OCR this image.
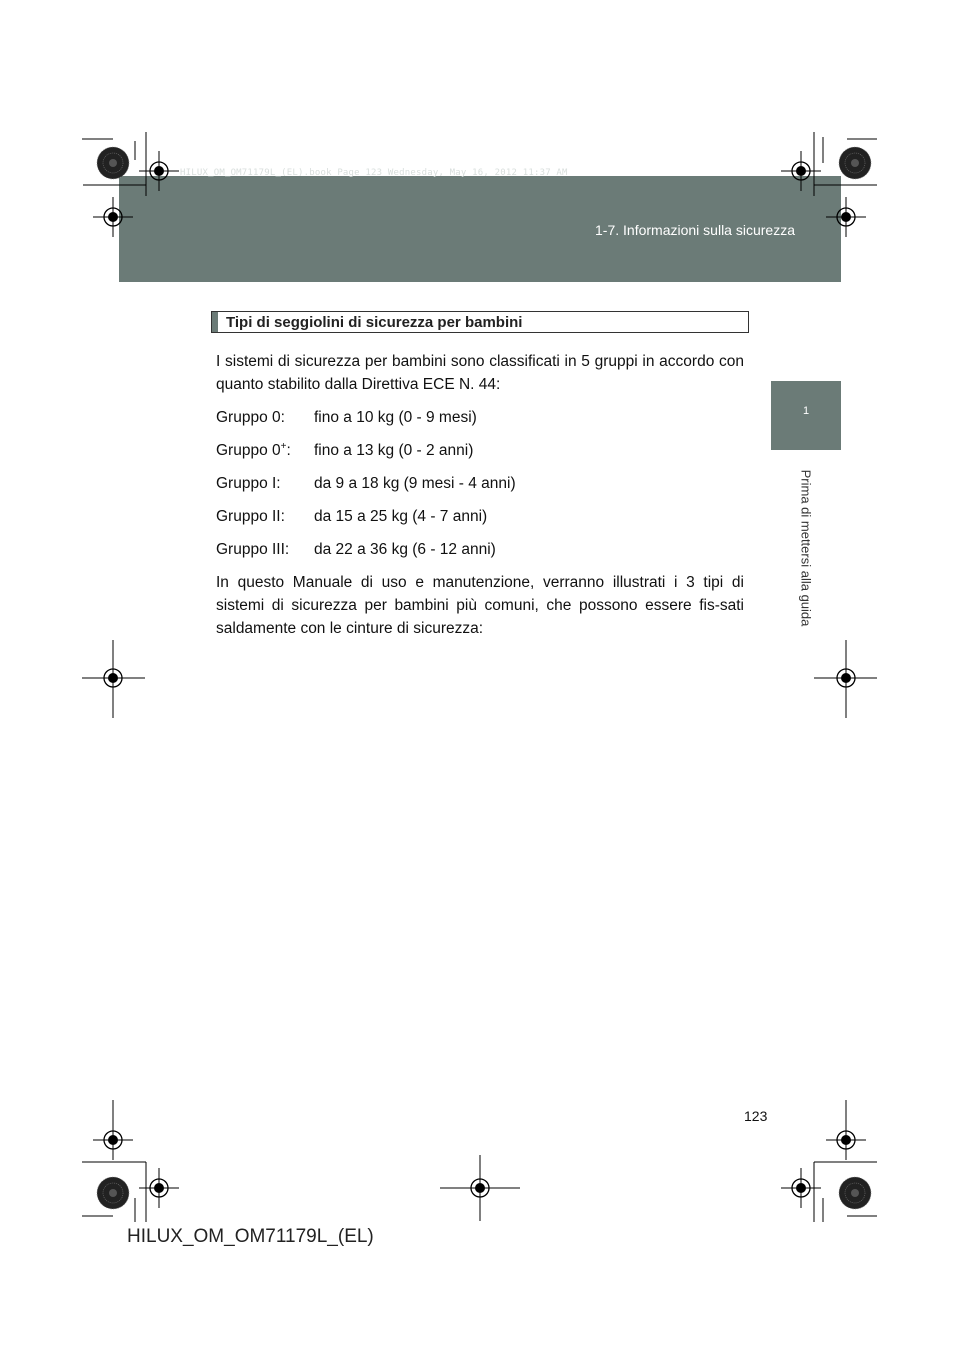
HILUX_OM_OM71179L_(EL).book Page 123 Wednesday, May 16, 2012 11:37 AM
1-7. Informazioni sulla sicurezza
1
Prima di mettersi alla guida
Tipi di seggiolini di sicurezza per bambini

I sistemi di sicurezza per bambini sono classificati in 5 gruppi in accordo con quanto stabilito dalla Direttiva ECE N. 44:

Gruppo 0:	fino a 10 kg (0 - 9 mesi)
Gruppo 0+:	fino a 13 kg (0 - 2 anni)
Gruppo I:	da 9 a 18 kg (9 mesi - 4 anni)
Gruppo II:	da 15 a 25 kg (4 - 7 anni)
Gruppo III:	da 22 a 36 kg (6 - 12 anni)

In questo Manuale di uso e manutenzione, verranno illustrati i 3 tipi di sistemi di sicurezza per bambini più comuni, che possono essere fis-sati saldamente con le cinture di sicurezza:

123
HILUX_OM_OM71179L_(EL)
